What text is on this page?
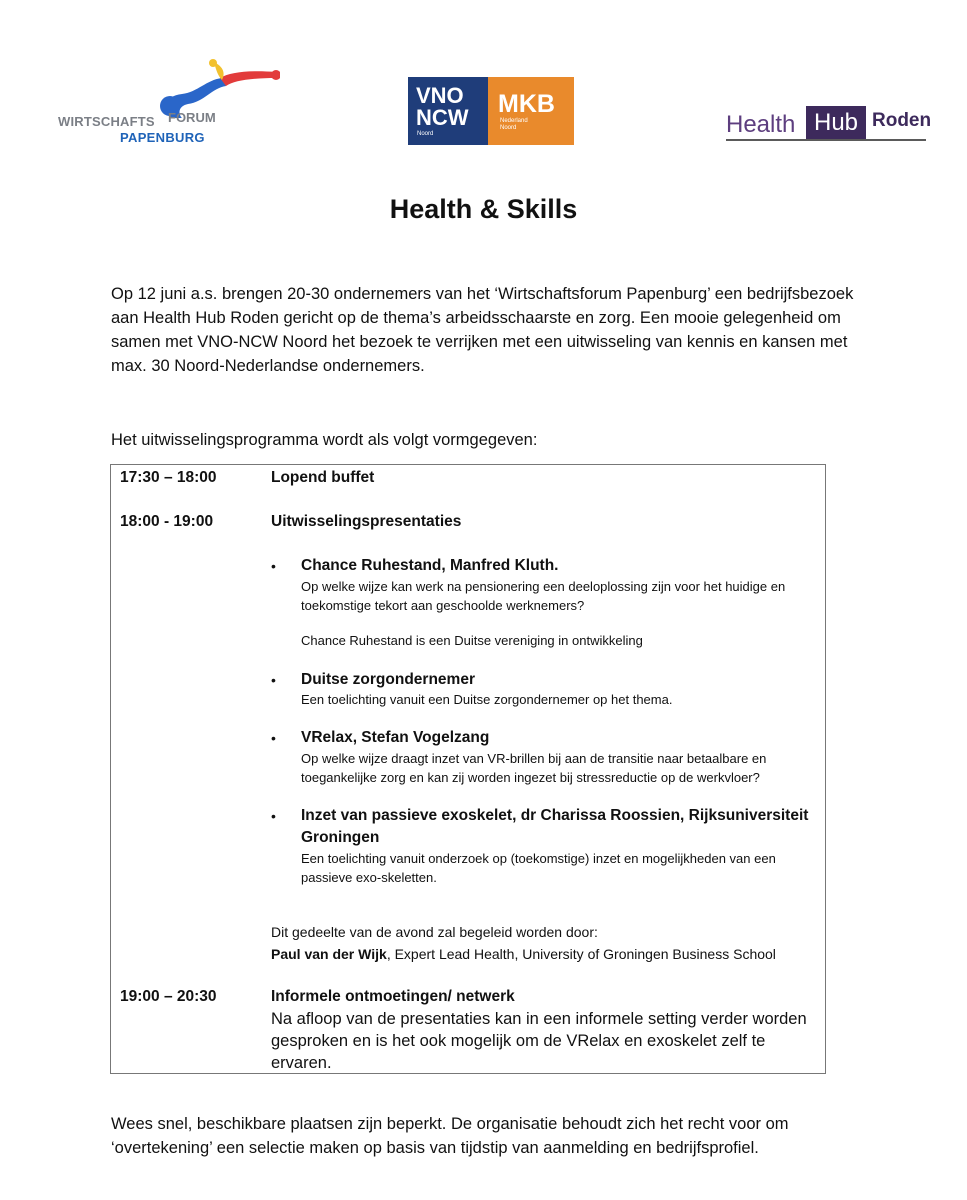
WIRTSCHAFTS FORUM
PAPENBURG
VNO
NCW
Noord
MKB
Nederland
Noord	Health Hub Roden
Health & Skills

Op 12 juni a.s. brengen 20-30 ondernemers van het ‘Wirtschaftsforum Papenburg’ een bedrijfsbezoek aan Health Hub Roden gericht op de thema’s arbeidsschaarste en zorg. Een mooie gelegenheid om samen met VNO-NCW Noord het bezoek te verrijken met een uitwisseling van kennis en kansen met max. 30 Noord-Nederlandse ondernemers.

Het uitwisselingsprogramma wordt als volgt vormgegeven:
17:30 – 18:00	Lopend buffet
18:00 - 19:00	Uitwisselingspresentaties
• Chance Ruhestand, Manfred Kluth.
Op welke wijze kan werk na pensionering een deeloplossing zijn voor het huidige en toekomstige tekort aan geschoolde werknemers?
Chance Ruhestand is een Duitse vereniging in ontwikkeling
• Duitse zorgondernemer
Een toelichting vanuit een Duitse zorgondernemer op het thema.
• VRelax, Stefan Vogelzang
Op welke wijze draagt inzet van VR-brillen bij aan de transitie naar betaalbare en toegankelijke zorg en kan zij worden ingezet bij stressreductie op de werkvloer?
• Inzet van passieve exoskelet, dr Charissa Roossien, Rijksuniversiteit Groningen
Een toelichting vanuit onderzoek op (toekomstige) inzet en mogelijkheden van een passieve exo-skeletten.
Dit gedeelte van de avond zal begeleid worden door:
Paul van der Wijk, Expert Lead Health, University of Groningen Business School
19:00 – 20:30	Informele ontmoetingen/ netwerk
Na afloop van de presentaties kan in een informele setting verder worden gesproken en is het ook mogelijk om de VRelax en exoskelet zelf te ervaren.
Wees snel, beschikbare plaatsen zijn beperkt. De organisatie behoudt zich het recht voor om ‘overtekening’ een selectie maken op basis van tijdstip van aanmelding en bedrijfsprofiel.
